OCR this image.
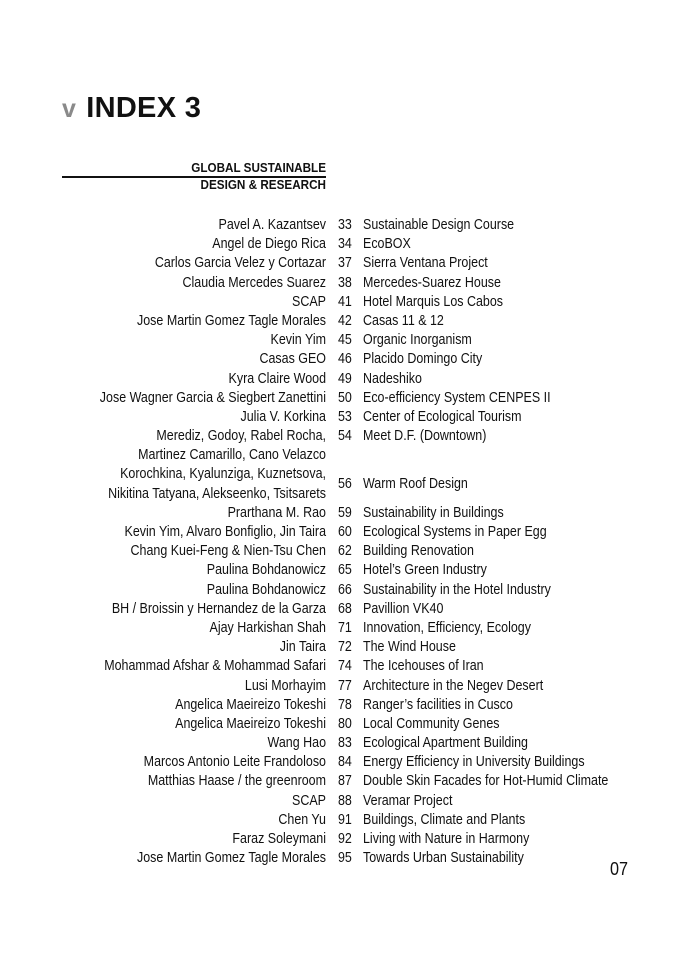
v INDEX 3
GLOBAL SUSTAINABLE
DESIGN & RESEARCH
Pavel A. Kazantsev 33 Sustainable Design Course
Angel de Diego Rica 34 EcoBOX
Carlos Garcia Velez y Cortazar 37 Sierra Ventana Project
Claudia Mercedes Suarez 38 Mercedes-Suarez House
SCAP 41 Hotel Marquis Los Cabos
Jose Martin Gomez Tagle Morales 42 Casas 11 & 12
Kevin Yim 45 Organic Inorganism
Casas GEO 46 Placido Domingo City
Kyra Claire Wood 49 Nadeshiko
Jose Wagner Garcia & Siegbert Zanettini 50 Eco-efficiency System CENPES II
Julia V. Korkina 53 Center of Ecological Tourism
Merediz, Godoy, Rabel Rocha,
Martinez Camarillo, Cano Velazco
54 Meet D.F. (Downtown)
Korochkina, Kyalunziga, Kuznetsova,
Nikitina Tatyana, Alekseenko, Tsitsarets
56 Warm Roof Design
Prarthana M. Rao 59 Sustainability in Buildings
Kevin Yim, Alvaro Bonfiglio, Jin Taira 60 Ecological Systems in Paper Egg
Chang Kuei-Feng & Nien-Tsu Chen 62 Building Renovation
Paulina Bohdanowicz 65 Hotel’s Green Industry
Paulina Bohdanowicz 66 Sustainability in the Hotel Industry
BH / Broissin y Hernandez de la Garza 68 Pavillion VK40
Ajay Harkishan Shah 71 Innovation, Efficiency, Ecology
Jin Taira 72 The Wind House
Mohammad Afshar & Mohammad Safari 74 The Icehouses of Iran
Lusi Morhayim 77 Architecture in the Negev Desert
Angelica Maeireizo Tokeshi 78 Ranger’s facilities in Cusco
Angelica Maeireizo Tokeshi 80 Local Community Genes
Wang Hao 83 Ecological Apartment Building
Marcos Antonio Leite Frandoloso 84 Energy Efficiency in University Buildings
Matthias Haase / the greenroom 87 Double Skin Facades for Hot-Humid Climate
SCAP 88 Veramar Project
Chen Yu 91 Buildings, Climate and Plants
Faraz Soleymani 92 Living with Nature in Harmony
Jose Martin Gomez Tagle Morales 95 Towards Urban Sustainability
07
